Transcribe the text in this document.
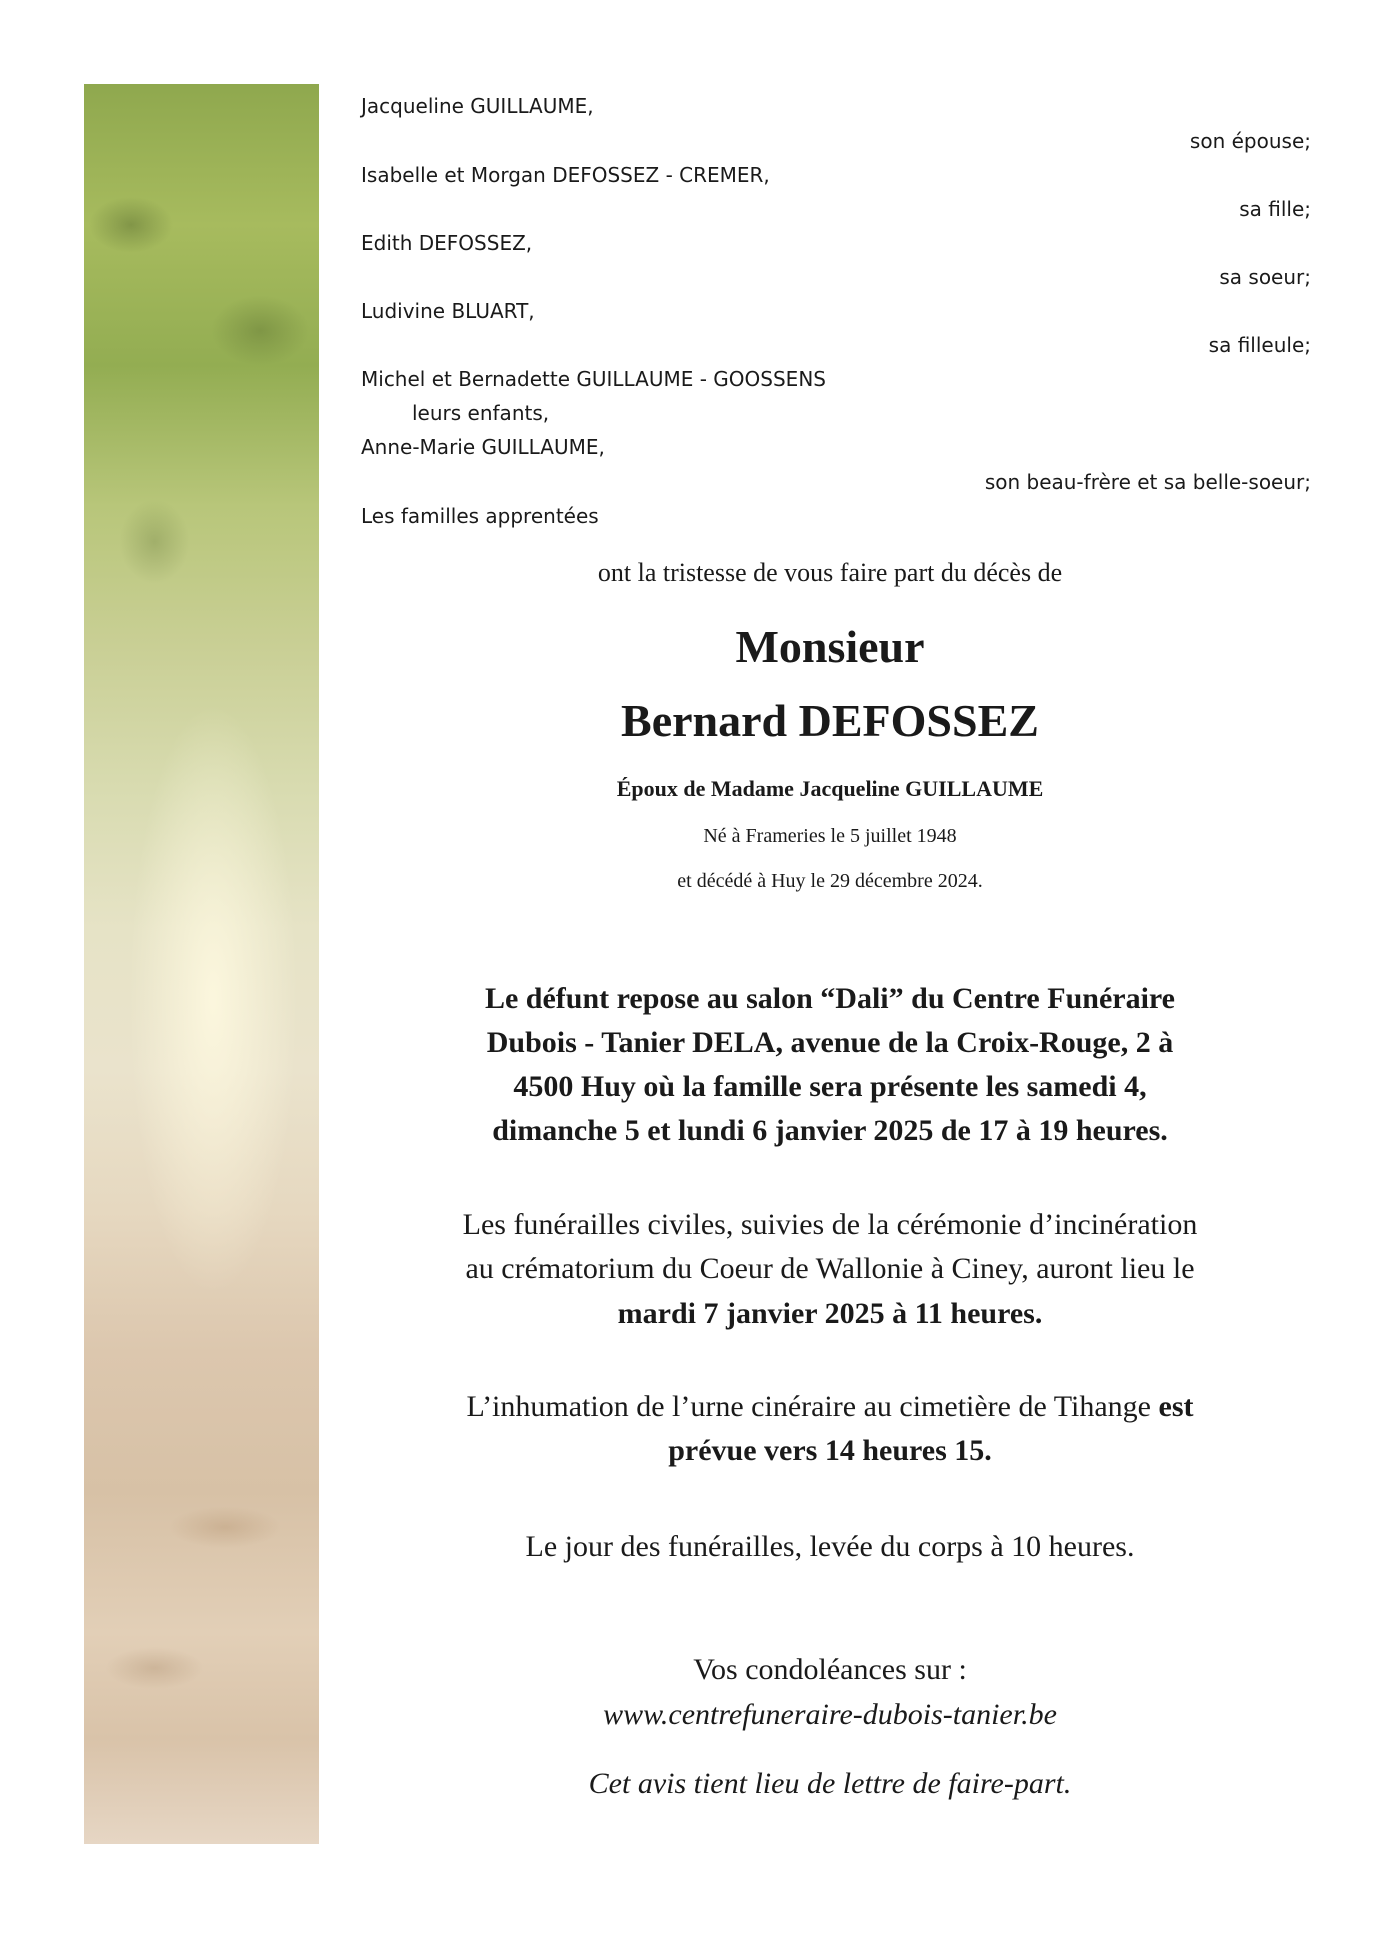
Jacqueline GUILLAUME,
son épouse;
Isabelle et Morgan DEFOSSEZ - CREMER,
sa fille;
Edith DEFOSSEZ,
sa soeur;
Ludivine BLUART,
sa filleule;
Michel et Bernadette GUILLAUME - GOOSSENS
leurs enfants,
Anne-Marie GUILLAUME,
son beau-frère et sa belle-soeur;
Les familles apprentées
ont la tristesse de vous faire part du décès de
Monsieur
Bernard DEFOSSEZ
Époux de Madame Jacqueline GUILLAUME
Né à Frameries le 5 juillet 1948
et décédé à Huy le 29 décembre 2024.
Le défunt repose au salon “Dali” du Centre Funéraire
Dubois - Tanier DELA, avenue de la Croix-Rouge, 2 à
4500 Huy où la famille sera présente les samedi 4,
dimanche 5 et lundi 6 janvier 2025 de 17 à 19 heures.
Les funérailles civiles, suivies de la cérémonie d’incinération
au crématorium du Coeur de Wallonie à Ciney, auront lieu le
mardi 7 janvier 2025 à 11 heures.
L’inhumation de l’urne cinéraire au cimetière de Tihange est
prévue vers 14 heures 15.
Le jour des funérailles, levée du corps à 10 heures.
Vos condoléances sur :
www.centrefuneraire-dubois-tanier.be
Cet avis tient lieu de lettre de faire-part.
